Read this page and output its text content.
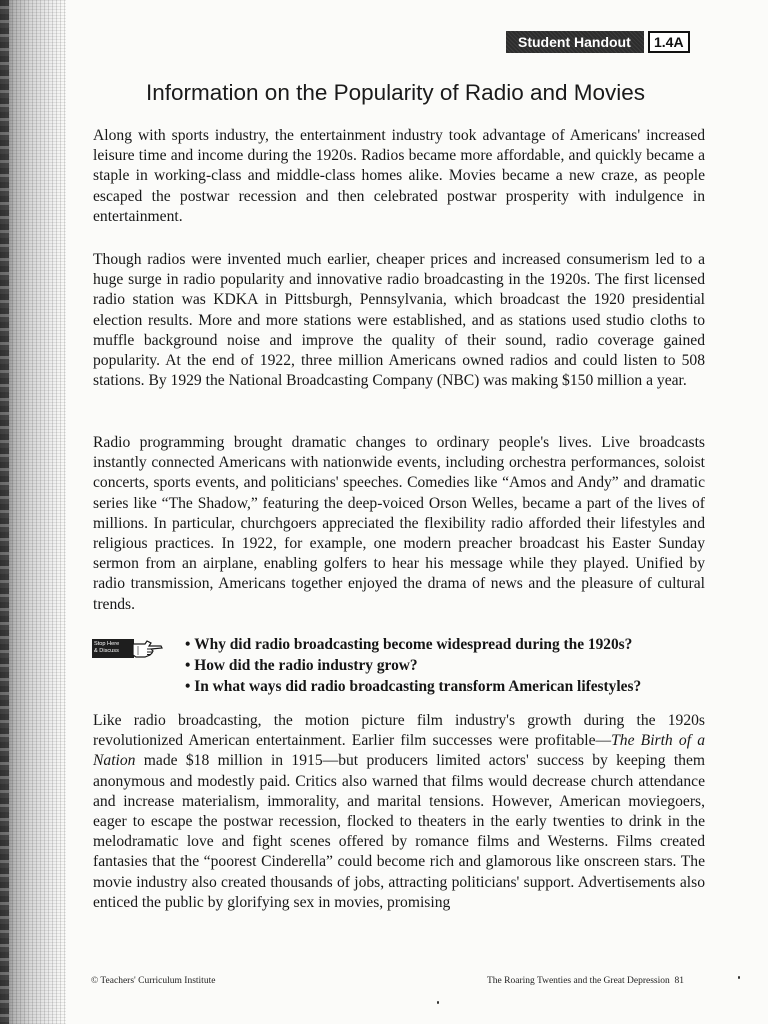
Student Handout	1.4A
Information on the Popularity of Radio and Movies

Along with sports industry, the entertainment industry took advantage of Americans' increased leisure time and income during the 1920s. Radios became more affordable, and quickly became a staple in working-class and middle-class homes alike. Movies became a new craze, as people escaped the postwar recession and then celebrated postwar prosperity with indulgence in entertainment.

Though radios were invented much earlier, cheaper prices and increased consumerism led to a huge surge in radio popularity and innovative radio broadcasting in the 1920s. The first licensed radio station was KDKA in Pittsburgh, Pennsylvania, which broadcast the 1920 presidential election results. More and more stations were established, and as stations used studio cloths to muffle background noise and improve the quality of their sound, radio coverage gained popularity. At the end of 1922, three million Americans owned radios and could listen to 508 stations. By 1929 the National Broadcasting Company (NBC) was making $150 million a year.

Radio programming brought dramatic changes to ordinary people's lives. Live broadcasts instantly connected Americans with nationwide events, including orchestra performances, soloist concerts, sports events, and politicians' speeches. Comedies like “Amos and Andy” and dramatic series like “The Shadow,” featuring the deep-voiced Orson Welles, became a part of the lives of millions. In particular, churchgoers appreciated the flexibility radio afforded their lifestyles and religious practices. In 1922, for example, one modern preacher broadcast his Easter Sunday sermon from an airplane, enabling golfers to hear his message while they played. Unified by radio transmission, Americans together enjoyed the drama of news and the pleasure of cultural trends.

Stop Here
& Discuss
•	Why did radio broadcasting become widespread during the 1920s?
• How did the radio industry grow?
• In what ways did radio broadcasting transform American lifestyles?

Like radio broadcasting, the motion picture film industry's growth during the 1920s revolutionized American entertainment. Earlier film successes were profitable—The Birth of a Nation made $18 million in 1915—but producers limited actors' success by keeping them anonymous and modestly paid. Critics also warned that films would decrease church attendance and increase materialism, immorality, and marital tensions. However, American moviegoers, eager to escape the postwar recession, flocked to theaters in the early twenties to drink in the melodramatic love and fight scenes offered by romance films and Westerns. Films created fantasies that the “poorest Cinderella” could become rich and glamorous like onscreen stars. The movie industry also created thousands of jobs, attracting politicians' support. Advertisements also enticed the public by glorifying sex in movies, promising

© Teachers' Curriculum Institute	The Roaring Twenties and the Great Depression 81
